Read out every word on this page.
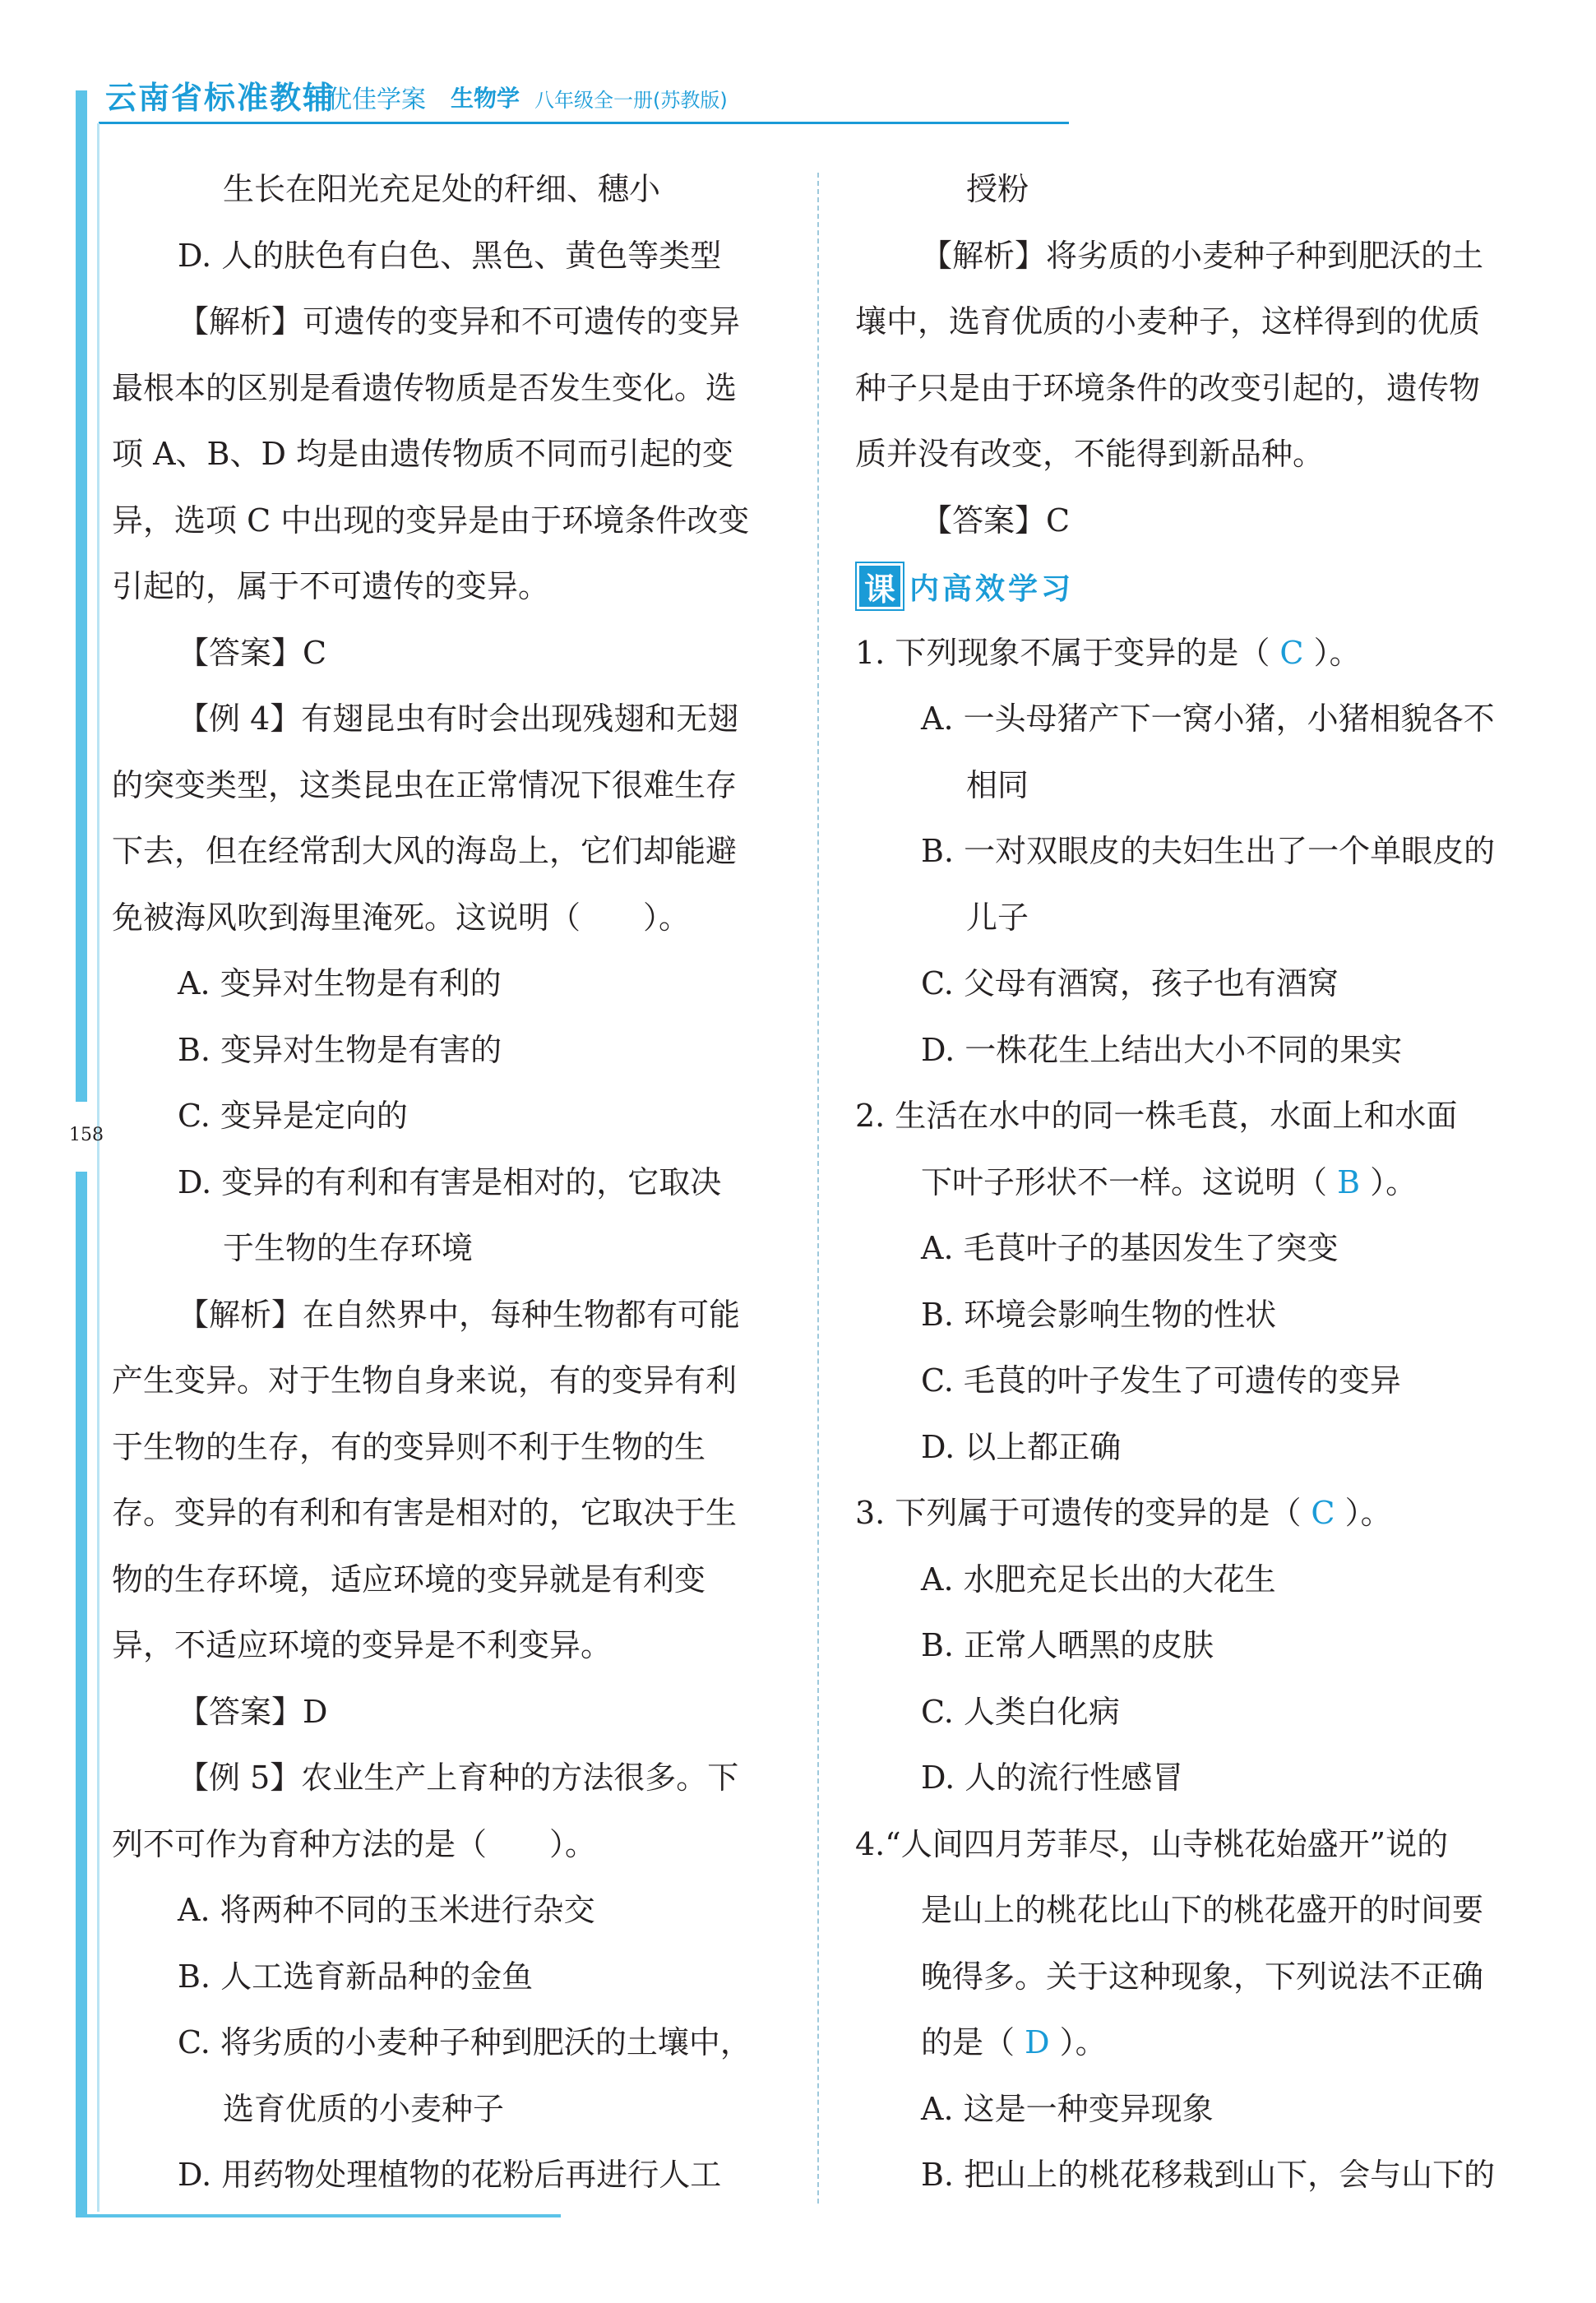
云南省标准教辅
优佳学案 生物学 八年级全一册(苏教版)
158
生长在阳光充足处的秆细、穗小
D. 人的肤色有白色、黑色、黄色等类型
【解析】可遗传的变异和不可遗传的变异
最根本的区别是看遗传物质是否发生变化。选
项 A、B、D 均是由遗传物质不同而引起的变
异，选项 C 中出现的变异是由于环境条件改变
引起的，属于不可遗传的变异。
【答案】C
【例 4】有翅昆虫有时会出现残翅和无翅
的突变类型，这类昆虫在正常情况下很难生存
下去，但在经常刮大风的海岛上，它们却能避
免被海风吹到海里淹死。这说明（　　）。
A. 变异对生物是有利的
B. 变异对生物是有害的
C. 变异是定向的
D. 变异的有利和有害是相对的，它取决
于生物的生存环境
【解析】在自然界中，每种生物都有可能
产生变异。对于生物自身来说，有的变异有利
于生物的生存，有的变异则不利于生物的生
存。变异的有利和有害是相对的，它取决于生
物的生存环境，适应环境的变异就是有利变
异，不适应环境的变异是不利变异。
【答案】D
【例 5】农业生产上育种的方法很多。下
列不可作为育种方法的是（　　）。
A. 将两种不同的玉米进行杂交
B. 人工选育新品种的金鱼
C. 将劣质的小麦种子种到肥沃的土壤中，
选育优质的小麦种子
D. 用药物处理植物的花粉后再进行人工
授粉
【解析】将劣质的小麦种子种到肥沃的土
壤中，选育优质的小麦种子，这样得到的优质
种子只是由于环境条件的改变引起的，遗传物
质并没有改变，不能得到新品种。
【答案】C
课 内高效学习
1. 下列现象不属于变异的是（ C ）。
A. 一头母猪产下一窝小猪，小猪相貌各不
相同
B. 一对双眼皮的夫妇生出了一个单眼皮的
儿子
C. 父母有酒窝，孩子也有酒窝
D. 一株花生上结出大小不同的果实
2. 生活在水中的同一株毛茛，水面上和水面
下叶子形状不一样。这说明（ B ）。
A. 毛茛叶子的基因发生了突变
B. 环境会影响生物的性状
C. 毛茛的叶子发生了可遗传的变异
D. 以上都正确
3. 下列属于可遗传的变异的是（ C ）。
A. 水肥充足长出的大花生
B. 正常人晒黑的皮肤
C. 人类白化病
D. 人的流行性感冒
4.“人间四月芳菲尽，山寺桃花始盛开”说的
是山上的桃花比山下的桃花盛开的时间要
晚得多。关于这种现象，下列说法不正确
的是（ D ）。
A. 这是一种变异现象
B. 把山上的桃花移栽到山下，会与山下的
